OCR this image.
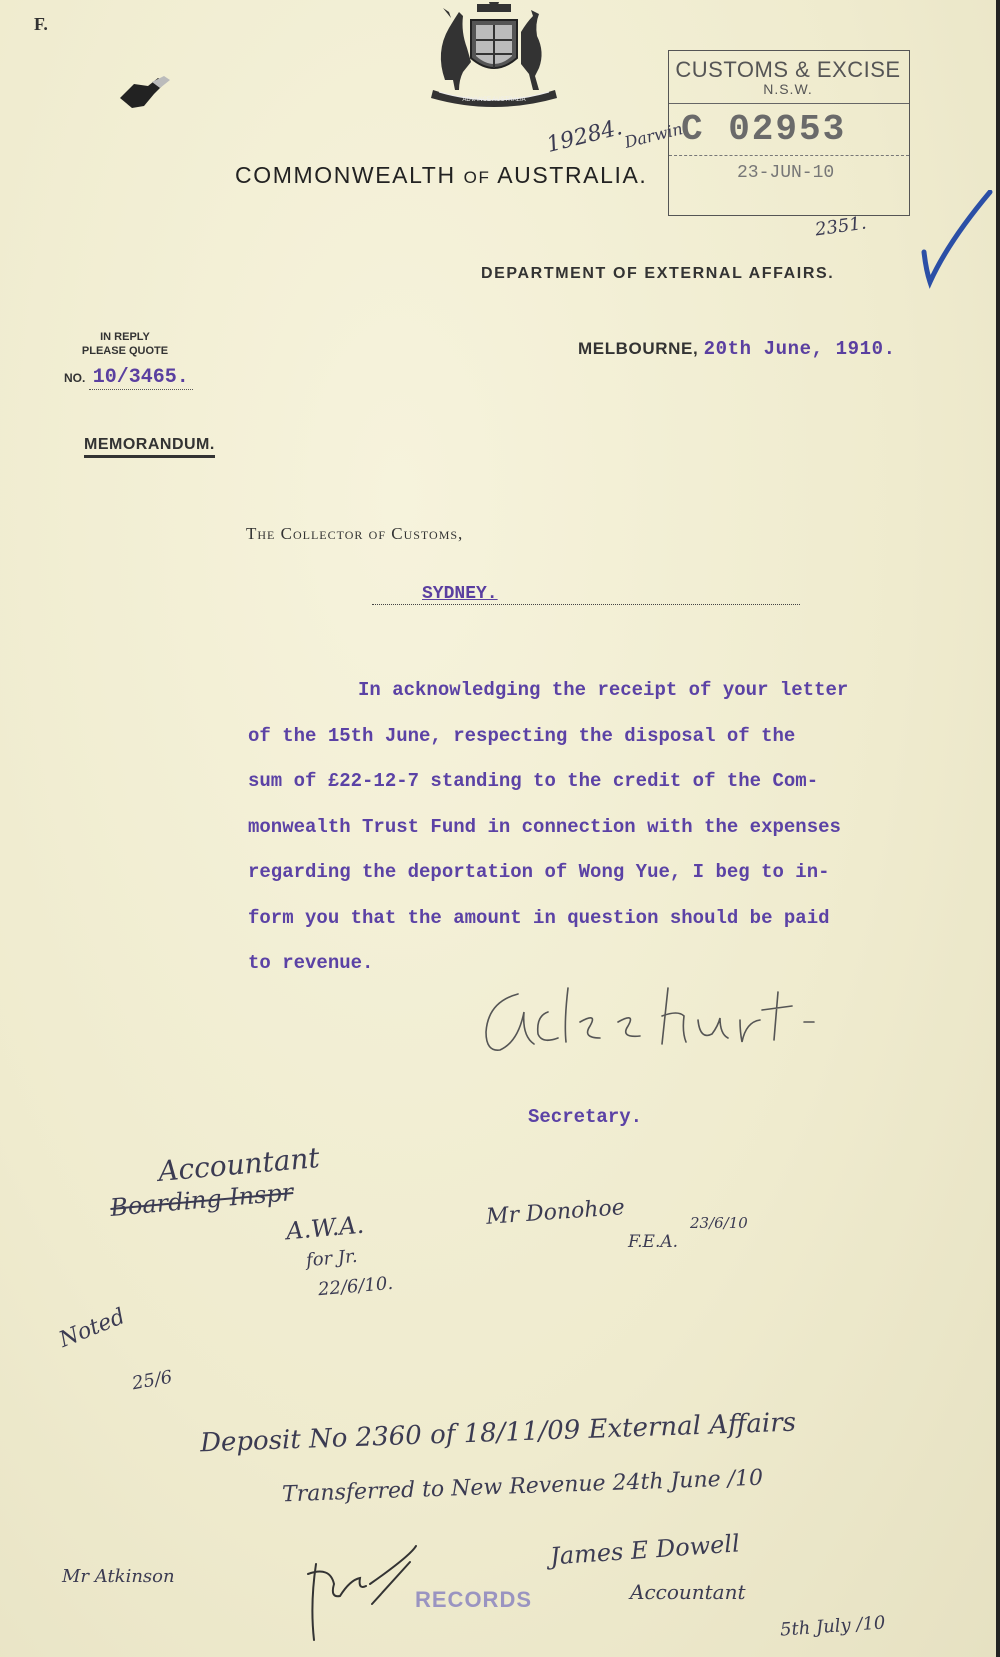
F.
ADVANCE AUSTRALIA
COMMONWEALTH OF AUSTRALIA.
CUSTOMS & EXCISE
N.S.W.
C 02953
23-JUN-10
19284.
Darwin
2351.
DEPARTMENT OF EXTERNAL AFFAIRS.
IN REPLY
PLEASE QUOTE
NO. 10/3465.
MELBOURNE, 20th June, 1910.
MEMORANDUM.
The Collector of Customs,
SYDNEY.

In acknowledging the receipt of your letter

of the 15th June, respecting the disposal of the

sum of £22-12-7 standing to the credit of the Com-

monwealth Trust Fund in connection with the expenses

regarding the deportation of Wong Yue, I beg to in-

form you that the amount in question should be paid

to revenue.

Secretary.
Accountant
Boarding Inspr
A.W.A.
for Jr.
22/6/10.
Mr Donohoe
F.E.A.
23/6/10
Noted
25/6
Deposit No 2360 of 18/11/09 External Affairs
Transferred to New Revenue 24th June /10
James E Dowell
Accountant
5th July /10
Mr Atkinson
RECORDS
